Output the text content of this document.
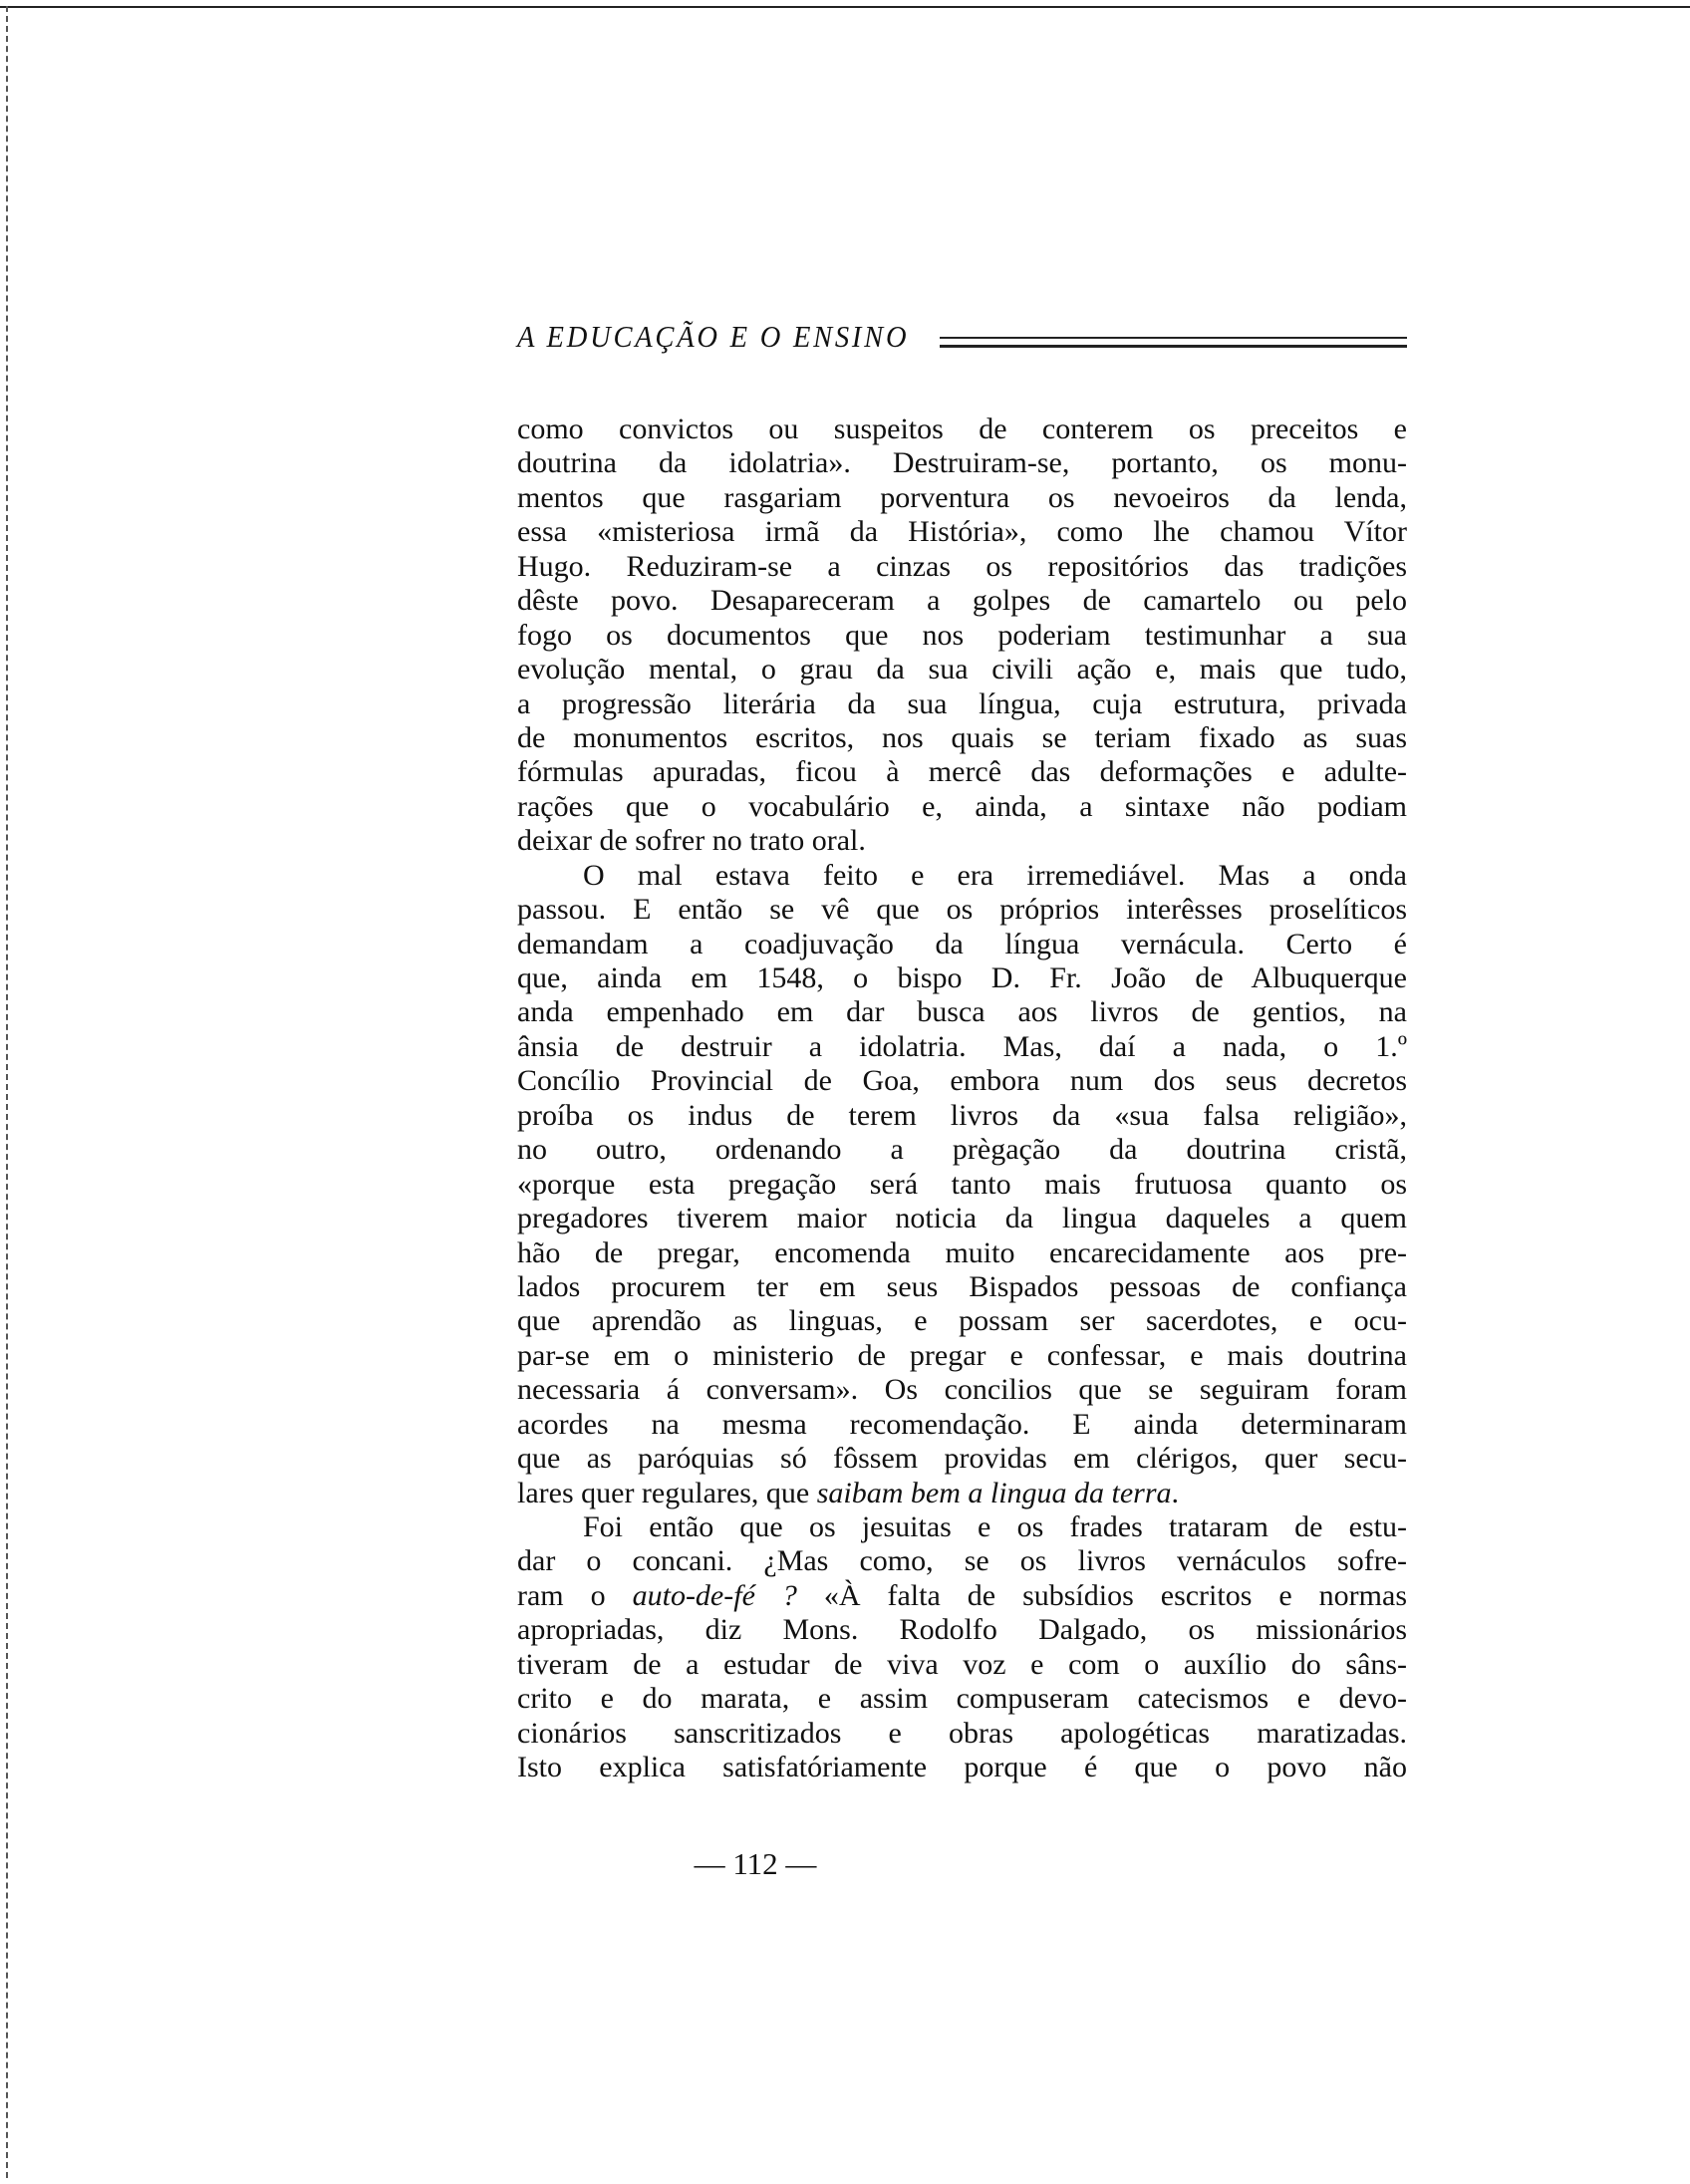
A EDUCAÇÃO E O ENSINO
como convictos ou suspeitos de conterem os preceitos e
doutrina da idolatria». Destruiram-se, portanto, os monu-
mentos que rasgariam porventura os nevoeiros da lenda,
essa «misteriosa irmã da História», como lhe chamou Vítor
Hugo. Reduziram-se a cinzas os repositórios das tradições
dêste povo. Desapareceram a golpes de camartelo ou pelo
fogo os documentos que nos poderiam testimunhar a sua
evolução mental, o grau da sua civili ação e, mais que tudo,
a progressão literária da sua língua, cuja estrutura, privada
de monumentos escritos, nos quais se teriam fixado as suas
fórmulas apuradas, ficou à mercê das deformações e adulte-
rações que o vocabulário e, ainda, a sintaxe não podiam
deixar de sofrer no trato oral.
O mal estava feito e era irremediável. Mas a onda
passou. E então se vê que os próprios interêsses proselíticos
demandam a coadjuvação da língua vernácula. Certo é
que, ainda em 1548, o bispo D. Fr. João de Albuquerque
anda empenhado em dar busca aos livros de gentios, na
ânsia de destruir a idolatria. Mas, daí a nada, o 1.º
Concílio Provincial de Goa, embora num dos seus decretos
proíba os indus de terem livros da «sua falsa religião»,
no outro, ordenando a prègação da doutrina cristã,
«porque esta pregação será tanto mais frutuosa quanto os
pregadores tiverem maior noticia da lingua daqueles a quem
hão de pregar, encomenda muito encarecidamente aos pre-
lados procurem ter em seus Bispados pessoas de confiança
que aprendão as linguas, e possam ser sacerdotes, e ocu-
par-se em o ministerio de pregar e confessar, e mais doutrina
necessaria á conversam». Os concilios que se seguiram foram
acordes na mesma recomendação. E ainda determinaram
que as paróquias só fôssem providas em clérigos, quer secu-
lares quer regulares, que saibam bem a lingua da terra.
Foi então que os jesuitas e os frades trataram de estu-
dar o concani. ¿Mas como, se os livros vernáculos sofre-
ram o auto-de-fé ? «À falta de subsídios escritos e normas
apropriadas, diz Mons. Rodolfo Dalgado, os missionários
tiveram de a estudar de viva voz e com o auxílio do sâns-
crito e do marata, e assim compuseram catecismos e devo-
cionários sanscritizados e obras apologéticas maratizadas.
Isto explica satisfatóriamente porque é que o povo não
— 112 —
